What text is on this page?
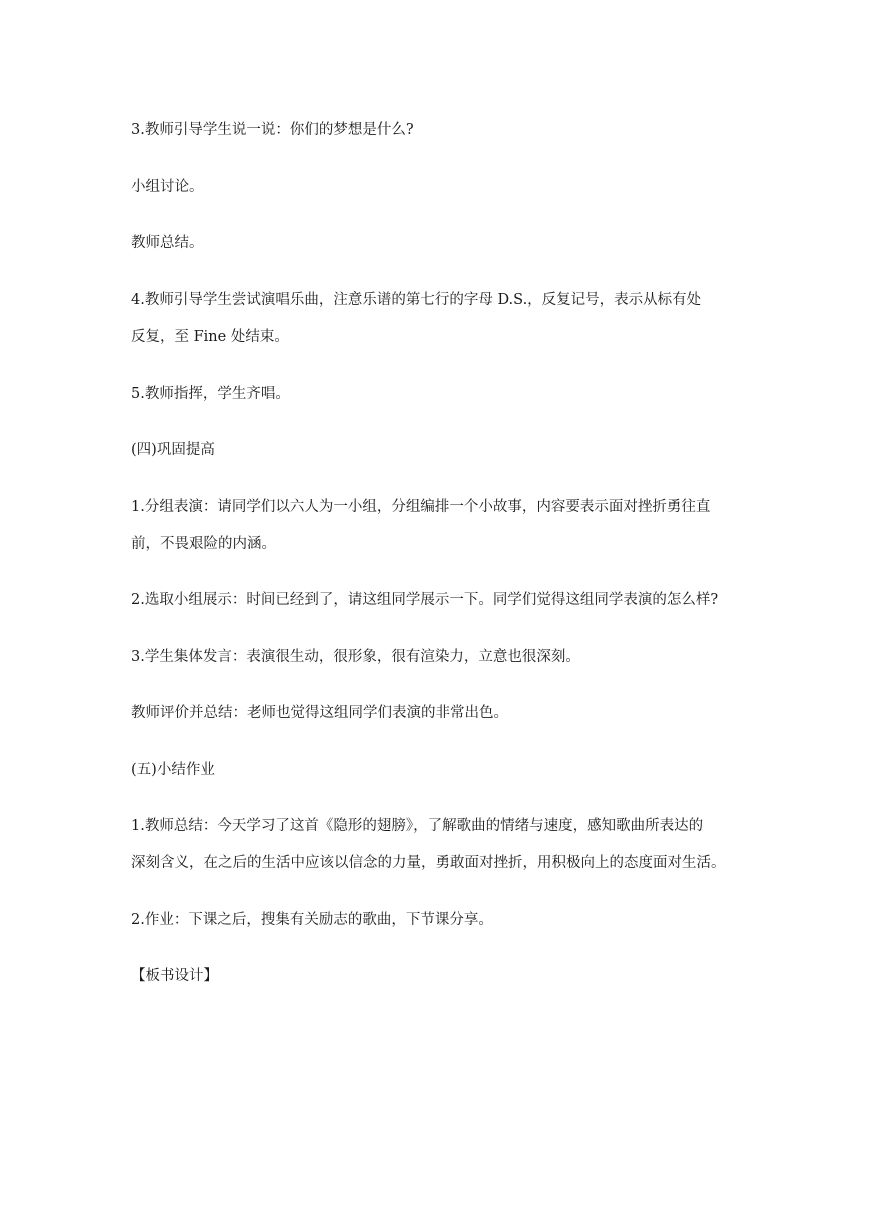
3.教师引导学生说一说：你们的梦想是什么?

小组讨论。

教师总结。

4.教师引导学生尝试演唱乐曲，注意乐谱的第七行的字母 D.S.，反复记号，表示从标有处

反复，至 Fine 处结束。

5.教师指挥，学生齐唱。

(四)巩固提高

1.分组表演：请同学们以六人为一小组，分组编排一个小故事，内容要表示面对挫折勇往直

前，不畏艰险的内涵。

2.选取小组展示：时间已经到了，请这组同学展示一下。同学们觉得这组同学表演的怎么样?

3.学生集体发言：表演很生动，很形象，很有渲染力，立意也很深刻。

教师评价并总结：老师也觉得这组同学们表演的非常出色。

(五)小结作业

1.教师总结：今天学习了这首《隐形的翅膀》，了解歌曲的情绪与速度，感知歌曲所表达的

深刻含义，在之后的生活中应该以信念的力量，勇敢面对挫折，用积极向上的态度面对生活。

2.作业：下课之后，搜集有关励志的歌曲，下节课分享。

【板书设计】
